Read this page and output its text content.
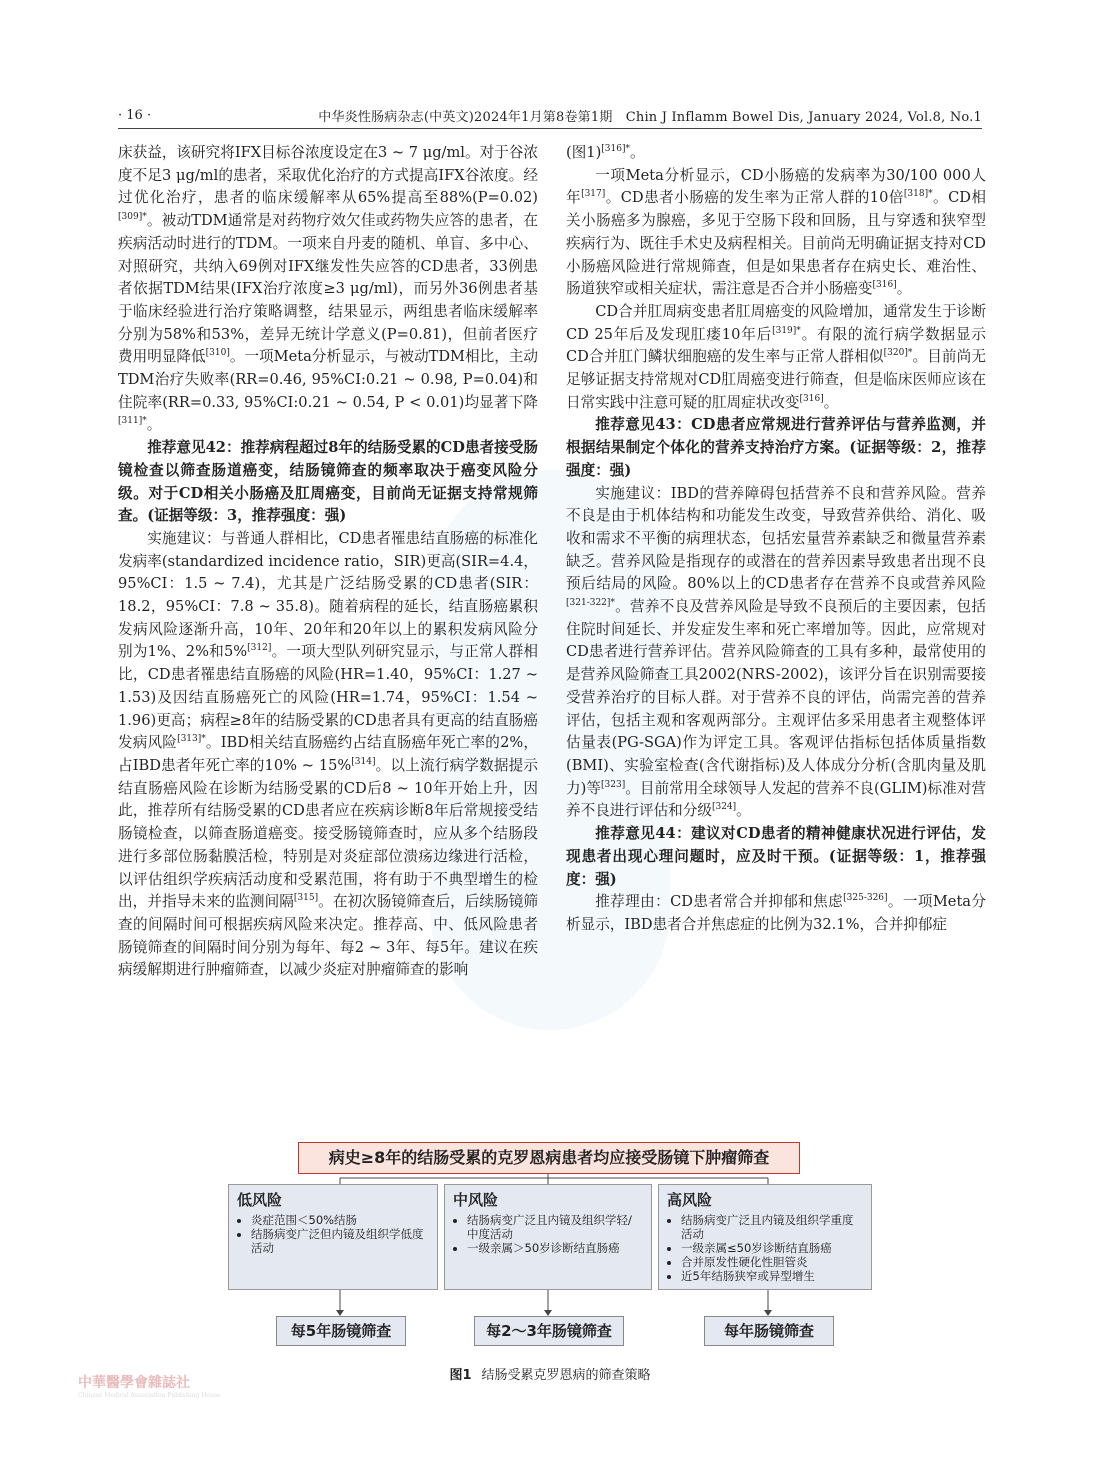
· 16 ·	中华炎性肠病杂志(中英文)2024年1月第8卷第1期　Chin J Inflamm Bowel Dis, January 2024, Vol.8, No.1

床获益，该研究将IFX目标谷浓度设定在3 ~ 7 μg/ml。对于谷浓度不足3 μg/ml的患者，采取优化治疗的方式提高IFX谷浓度。经过优化治疗，患者的临床缓解率从65%提高至88%(P=0.02)$^{[309]*}$。被动TDM通常是对药物疗效欠佳或药物失应答的患者，在疾病活动时进行的TDM。一项来自丹麦的随机、单盲、多中心、对照研究，共纳入69例对IFX继发性失应答的CD患者，33例患者依据TDM结果(IFX治疗浓度≥3 μg/ml)，而另外36例患者基于临床经验进行治疗策略调整，结果显示，两组患者临床缓解率分别为58%和53%，差异无统计学意义(P=0.81)，但前者医疗费用明显降低[310]。一项Meta分析显示，与被动TDM相比，主动TDM治疗失败率(RR=0.46, 95%CI:0.21 ~ 0.98, P=0.04)和住院率(RR=0.33, 95%CI:0.21 ~ 0.54, P < 0.01)均显著下降$^{[311]*}$。

推荐意见42：推荐病程超过8年的结肠受累的CD患者接受肠镜检查以筛查肠道癌变，结肠镜筛查的频率取决于癌变风险分级。对于CD相关小肠癌及肛周癌变，目前尚无证据支持常规筛查。(证据等级：3，推荐强度：强)

实施建议：与普通人群相比，CD患者罹患结直肠癌的标准化发病率(standardized incidence ratio，SIR)更高(SIR=4.4，95%CI：1.5 ~ 7.4)，尤其是广泛结肠受累的CD患者(SIR：18.2，95%CI：7.8 ~ 35.8)。随着病程的延长，结直肠癌累积发病风险逐渐升高，10年、20年和20年以上的累积发病风险分别为1%、2%和5%[312]。一项大型队列研究显示，与正常人群相比，CD患者罹患结直肠癌的风险(HR=1.40，95%CI：1.27 ~ 1.53)及因结直肠癌死亡的风险(HR=1.74，95%CI：1.54 ~ 1.96)更高；病程≥8年的结肠受累的CD患者具有更高的结直肠癌发病风险$^{[313]*}$。IBD相关结直肠癌约占结直肠癌年死亡率的2%，占IBD患者年死亡率的10% ~ 15%[314]。以上流行病学数据提示结直肠癌风险在诊断为结肠受累的CD后8 ~ 10年开始上升，因此，推荐所有结肠受累的CD患者应在疾病诊断8年后常规接受结肠镜检查，以筛查肠道癌变。接受肠镜筛查时，应从多个结肠段进行多部位肠黏膜活检，特别是对炎症部位溃疡边缘进行活检，以评估组织学疾病活动度和受累范围，将有助于不典型增生的检出，并指导未来的监测间隔[315]。在初次肠镜筛查后，后续肠镜筛查的间隔时间可根据疾病风险来决定。推荐高、中、低风险患者肠镜筛查的间隔时间分别为每年、每2 ~ 3年、每5年。建议在疾病缓解期进行肿瘤筛查，以减少炎症对肿瘤筛查的影响

(图1)$^{[316]*}$。

一项Meta分析显示，CD小肠癌的发病率为30/100 000人年[317]。CD患者小肠癌的发生率为正常人群的10倍$^{[318]*}$。CD相关小肠癌多为腺癌，多见于空肠下段和回肠，且与穿透和狭窄型疾病行为、既往手术史及病程相关。目前尚无明确证据支持对CD小肠癌风险进行常规筛查，但是如果患者存在病史长、难治性、肠道狭窄或相关症状，需注意是否合并小肠癌变[316]。

CD合并肛周病变患者肛周癌变的风险增加，通常发生于诊断CD 25年后及发现肛瘘10年后$^{[319]*}$。有限的流行病学数据显示CD合并肛门鳞状细胞癌的发生率与正常人群相似$^{[320]*}$。目前尚无足够证据支持常规对CD肛周癌变进行筛查，但是临床医师应该在日常实践中注意可疑的肛周症状改变[316]。

推荐意见43：CD患者应常规进行营养评估与营养监测，并根据结果制定个体化的营养支持治疗方案。(证据等级：2，推荐强度：强)

实施建议：IBD的营养障碍包括营养不良和营养风险。营养不良是由于机体结构和功能发生改变，导致营养供给、消化、吸收和需求不平衡的病理状态，包括宏量营养素缺乏和微量营养素缺乏。营养风险是指现存的或潜在的营养因素导致患者出现不良预后结局的风险。80%以上的CD患者存在营养不良或营养风险$^{[321-322]*}$。营养不良及营养风险是导致不良预后的主要因素，包括住院时间延长、并发症发生率和死亡率增加等。因此，应常规对CD患者进行营养评估。营养风险筛查的工具有多种，最常使用的是营养风险筛查工具2002(NRS-2002)，该评分旨在识别需要接受营养治疗的目标人群。对于营养不良的评估，尚需完善的营养评估，包括主观和客观两部分。主观评估多采用患者主观整体评估量表(PG-SGA)作为评定工具。客观评估指标包括体质量指数(BMI)、实验室检查(含代谢指标)及人体成分分析(含肌肉量及肌力)等[323]。目前常用全球领导人发起的营养不良(GLIM)标准对营养不良进行评估和分级[324]。

推荐意见44：建议对CD患者的精神健康状况进行评估，发现患者出现心理问题时，应及时干预。(证据等级：1，推荐强度：强)

推荐理由：CD患者常合并抑郁和焦虑[325-326]。一项Meta分析显示，IBD患者合并焦虑症的比例为32.1%，合并抑郁症

病史≥8年的结肠受累的克罗恩病患者均应接受肠镜下肿瘤筛查
低风险
• 炎症范围＜50%结肠
• 结肠病变广泛但内镜及组织学低度活动
中风险
• 结肠病变广泛且内镜及组织学轻/中度活动
• 一级亲属＞50岁诊断结直肠癌
高风险
• 结肠病变广泛且内镜及组织学重度活动
• 一级亲属≤50岁诊断结直肠癌
• 合并原发性硬化性胆管炎
• 近5年结肠狭窄或异型增生
每5年肠镜筛查	每2～3年肠镜筛查	每年肠镜筛查
图1 结肠受累克罗恩病的筛查策略
中華醫學會雜誌社
Chinese Medical Association Publishing House
